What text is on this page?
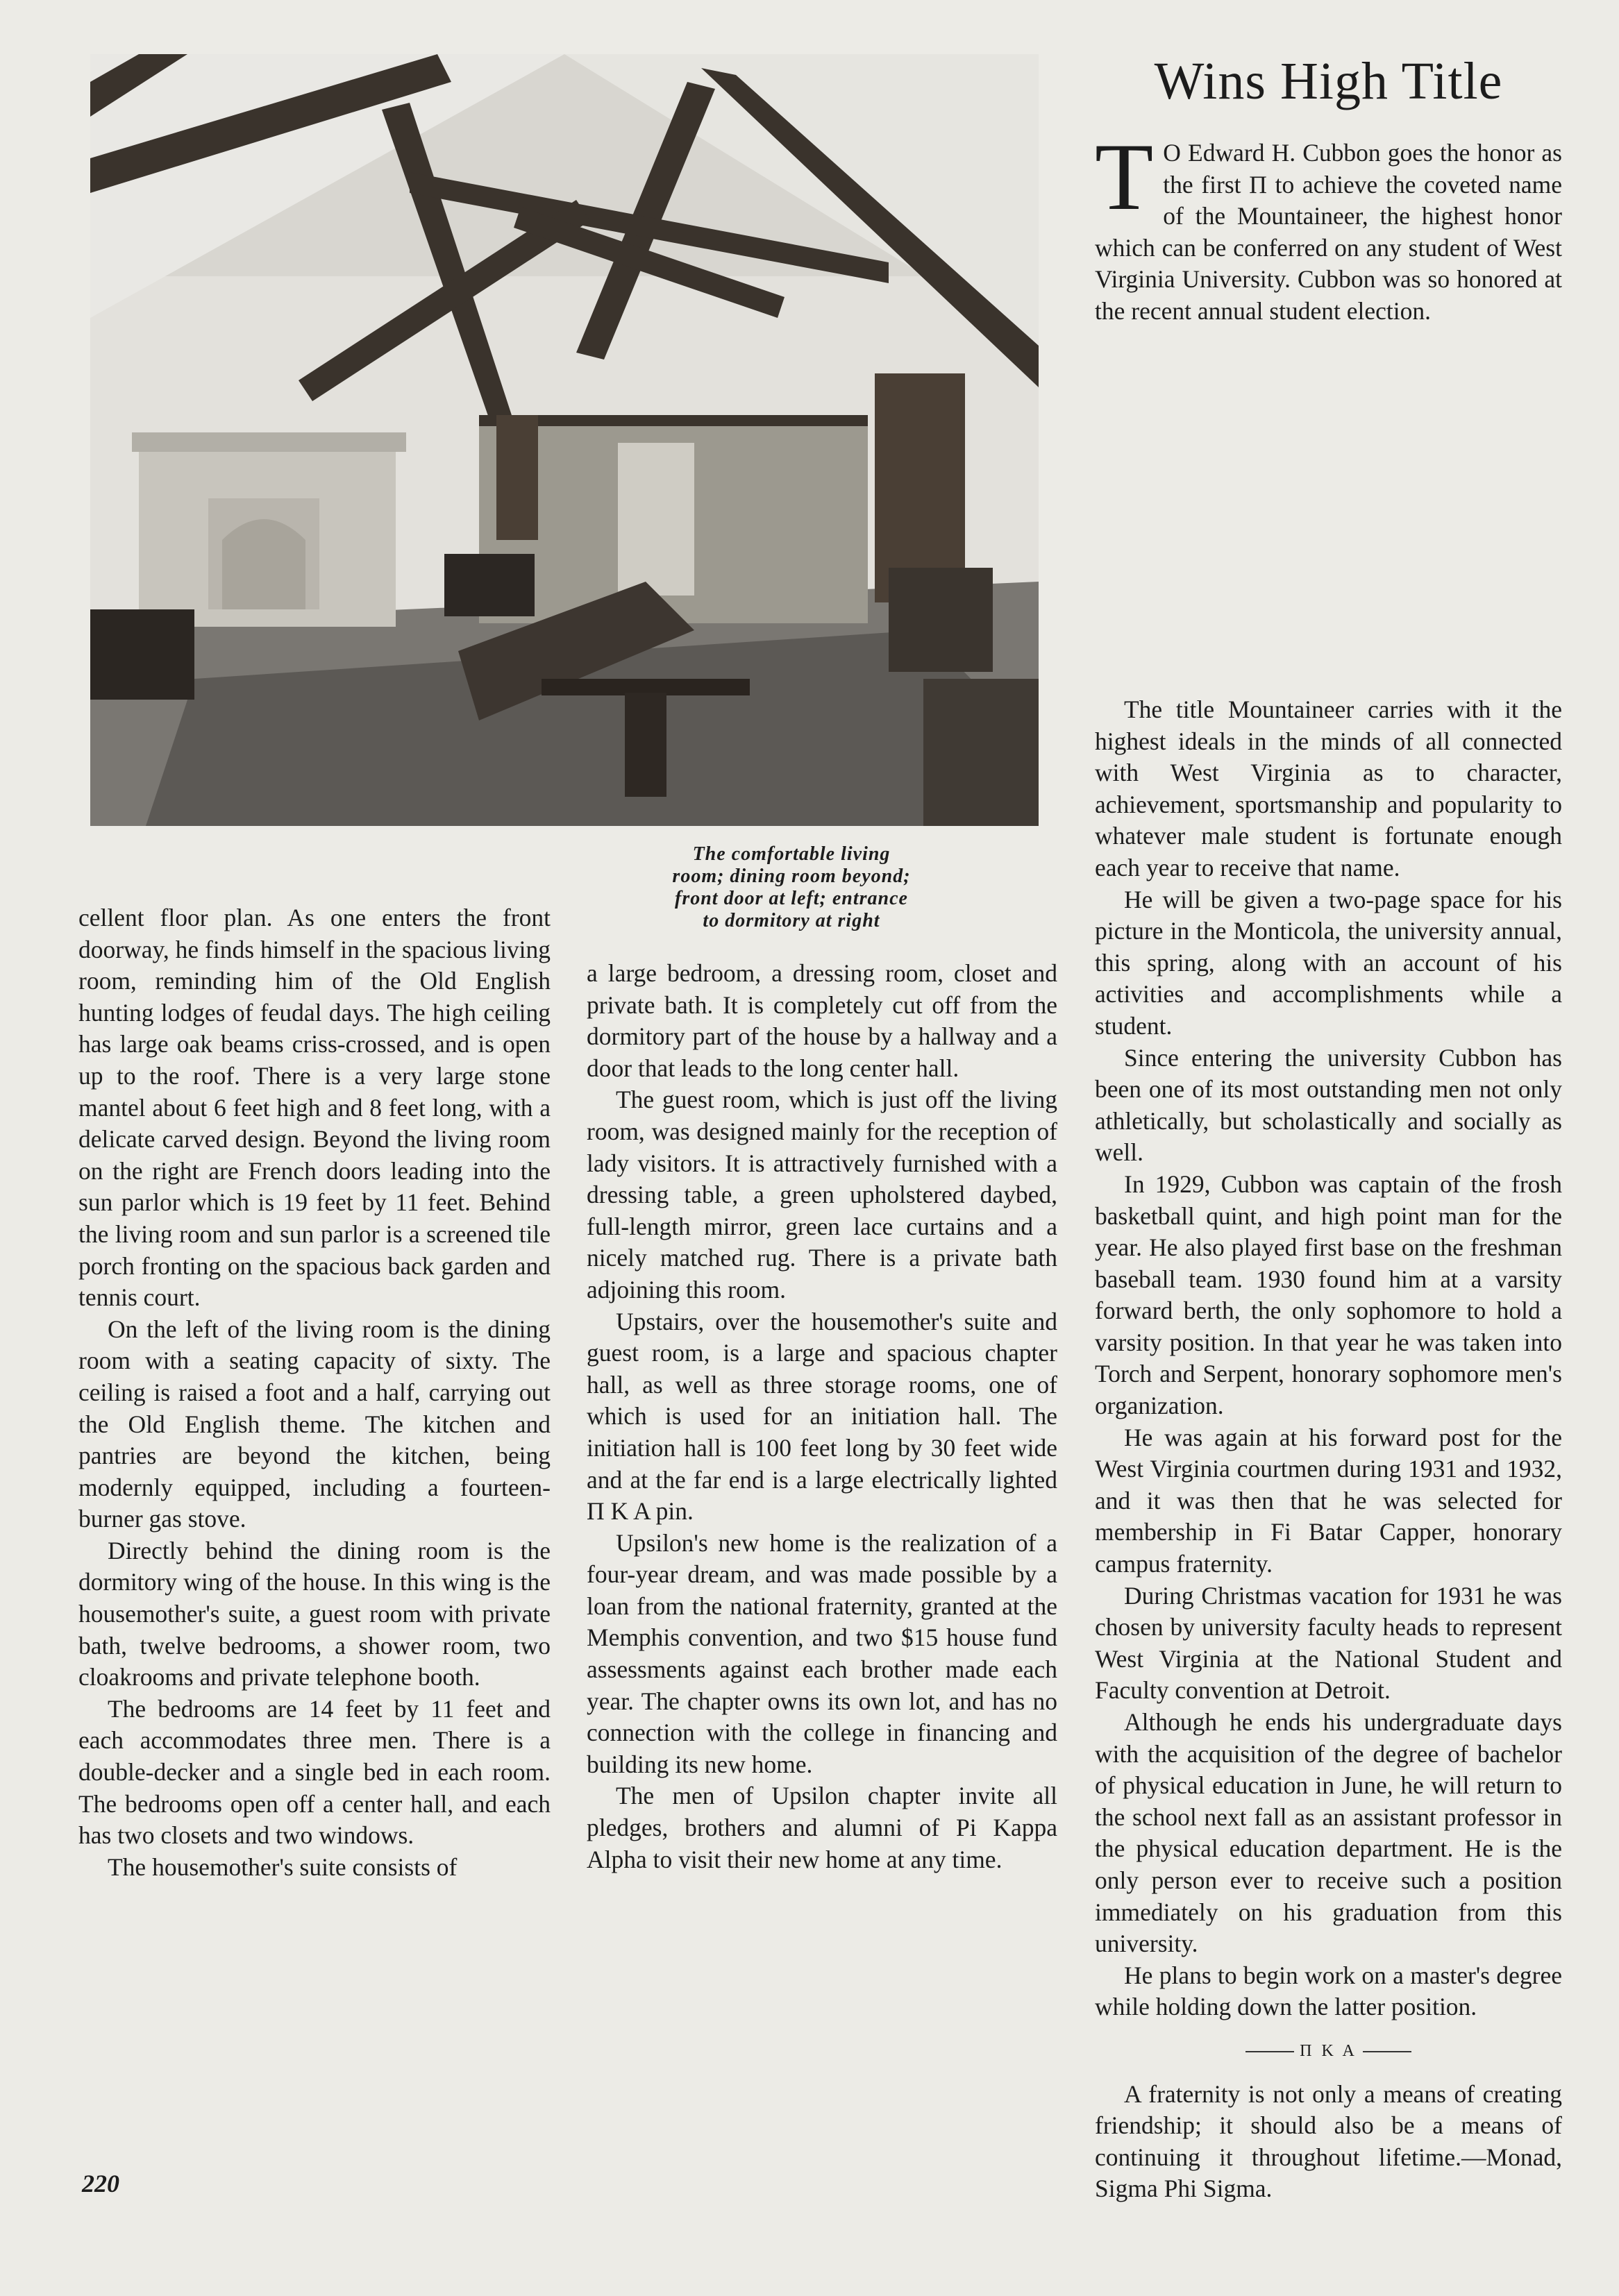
The comfortable living room; dining room beyond; front door at left; entrance to dormitory at right

cellent floor plan. As one enters the front doorway, he finds himself in the spacious living room, reminding him of the Old English hunting lodges of feudal days. The high ceiling has large oak beams criss-crossed, and is open up to the roof. There is a very large stone mantel about 6 feet high and 8 feet long, with a delicate carved design. Beyond the living room on the right are French doors leading into the sun parlor which is 19 feet by 11 feet. Behind the living room and sun parlor is a screened tile porch fronting on the spacious back garden and tennis court.

On the left of the living room is the dining room with a seating capacity of sixty. The ceiling is raised a foot and a half, carrying out the Old English theme. The kitchen and pantries are beyond the kitchen, being modernly equipped, including a fourteen-burner gas stove.

Directly behind the dining room is the dormitory wing of the house. In this wing is the housemother's suite, a guest room with private bath, twelve bedrooms, a shower room, two cloakrooms and private telephone booth.

The bedrooms are 14 feet by 11 feet and each accommodates three men. There is a double-decker and a single bed in each room. The bedrooms open off a center hall, and each has two closets and two windows.

The housemother's suite consists of

a large bedroom, a dressing room, closet and private bath. It is completely cut off from the dormitory part of the house by a hallway and a door that leads to the long center hall.

The guest room, which is just off the living room, was designed mainly for the reception of lady visitors. It is attractively furnished with a dressing table, a green upholstered daybed, full-length mirror, green lace curtains and a nicely matched rug. There is a private bath adjoining this room.

Upstairs, over the housemother's suite and guest room, is a large and spacious chapter hall, as well as three storage rooms, one of which is used for an initiation hall. The initiation hall is 100 feet long by 30 feet wide and at the far end is a large electrically lighted Π K A pin.

Upsilon's new home is the realization of a four-year dream, and was made possible by a loan from the national fraternity, granted at the Memphis convention, and two $15 house fund assessments against each brother made each year. The chapter owns its own lot, and has no connection with the college in financing and building its new home.

The men of Upsilon chapter invite all pledges, brothers and alumni of Pi Kappa Alpha to visit their new home at any time.

Wins High Title

T O Edward H. Cubbon goes the honor as the first Π to achieve the coveted name of the Mountaineer, the highest honor which can be conferred on any student of West Virginia University. Cubbon was so honored at the recent annual student election.

The title Mountaineer carries with it the highest ideals in the minds of all connected with West Virginia as to character, achievement, sportsmanship and popularity to whatever male student is fortunate enough each year to receive that name.

He will be given a two-page space for his picture in the Monticola, the university annual, this spring, along with an account of his activities and accomplishments while a student.

Since entering the university Cubbon has been one of its most outstanding men not only athletically, but scholastically and socially as well.

In 1929, Cubbon was captain of the frosh basketball quint, and high point man for the year. He also played first base on the freshman baseball team. 1930 found him at a varsity forward berth, the only sophomore to hold a varsity position. In that year he was taken into Torch and Serpent, honorary sophomore men's organization.

He was again at his forward post for the West Virginia courtmen during 1931 and 1932, and it was then that he was selected for membership in Fi Batar Capper, honorary campus fraternity.

During Christmas vacation for 1931 he was chosen by university faculty heads to represent West Virginia at the National Student and Faculty convention at Detroit.

Although he ends his undergraduate days with the acquisition of the degree of bachelor of physical education in June, he will return to the school next fall as an assistant professor in the physical education department. He is the only person ever to receive such a position immediately on his graduation from this university.

He plans to begin work on a master's degree while holding down the latter position.

Π K A

A fraternity is not only a means of creating friendship; it should also be a means of continuing it throughout lifetime.—Monad, Sigma Phi Sigma.

220
